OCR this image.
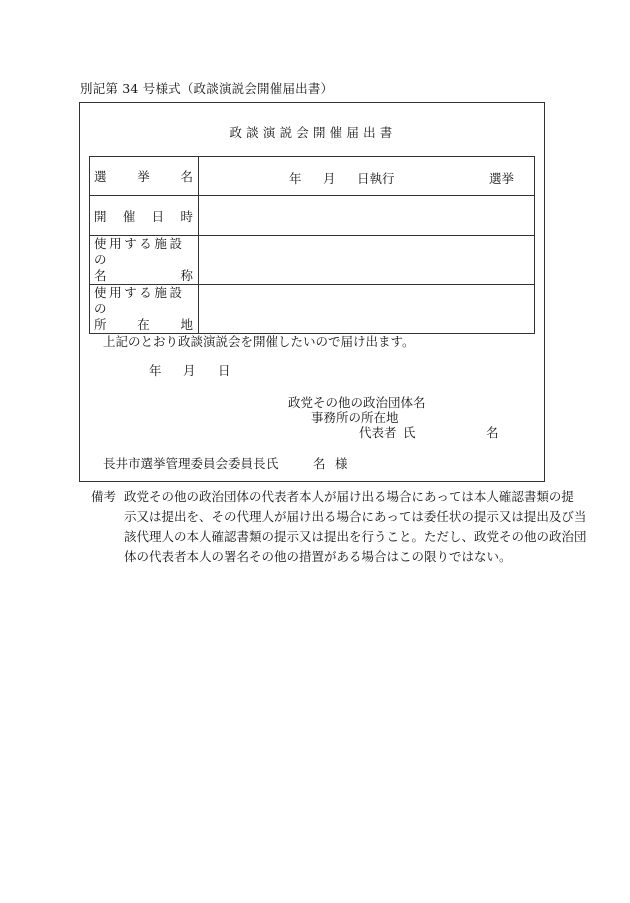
別記第 34 号様式（政談演説会開催届出書）
政談演説会開催届出書
選 挙 名	年 月 日執行 選挙

開 催 日 時	

使用する施設の
名 称	

使用する施設の
所 在 地	

上記のとおり政談演説会を開催したいので届け出ます。
年 月 日
政党その他の政治団体名
事務所の所在地
代表者 氏	名
長井市選挙管理委員会委員長 氏	名 様
備考 政党その他の政治団体の代表者本人が届け出る場合にあっては本人確認書類の提
示又は提出を、その代理人が届け出る場合にあっては委任状の提示又は提出及び当
該代理人の本人確認書類の提示又は提出を行うこと。ただし、政党その他の政治団
体の代表者本人の署名その他の措置がある場合はこの限りではない。
